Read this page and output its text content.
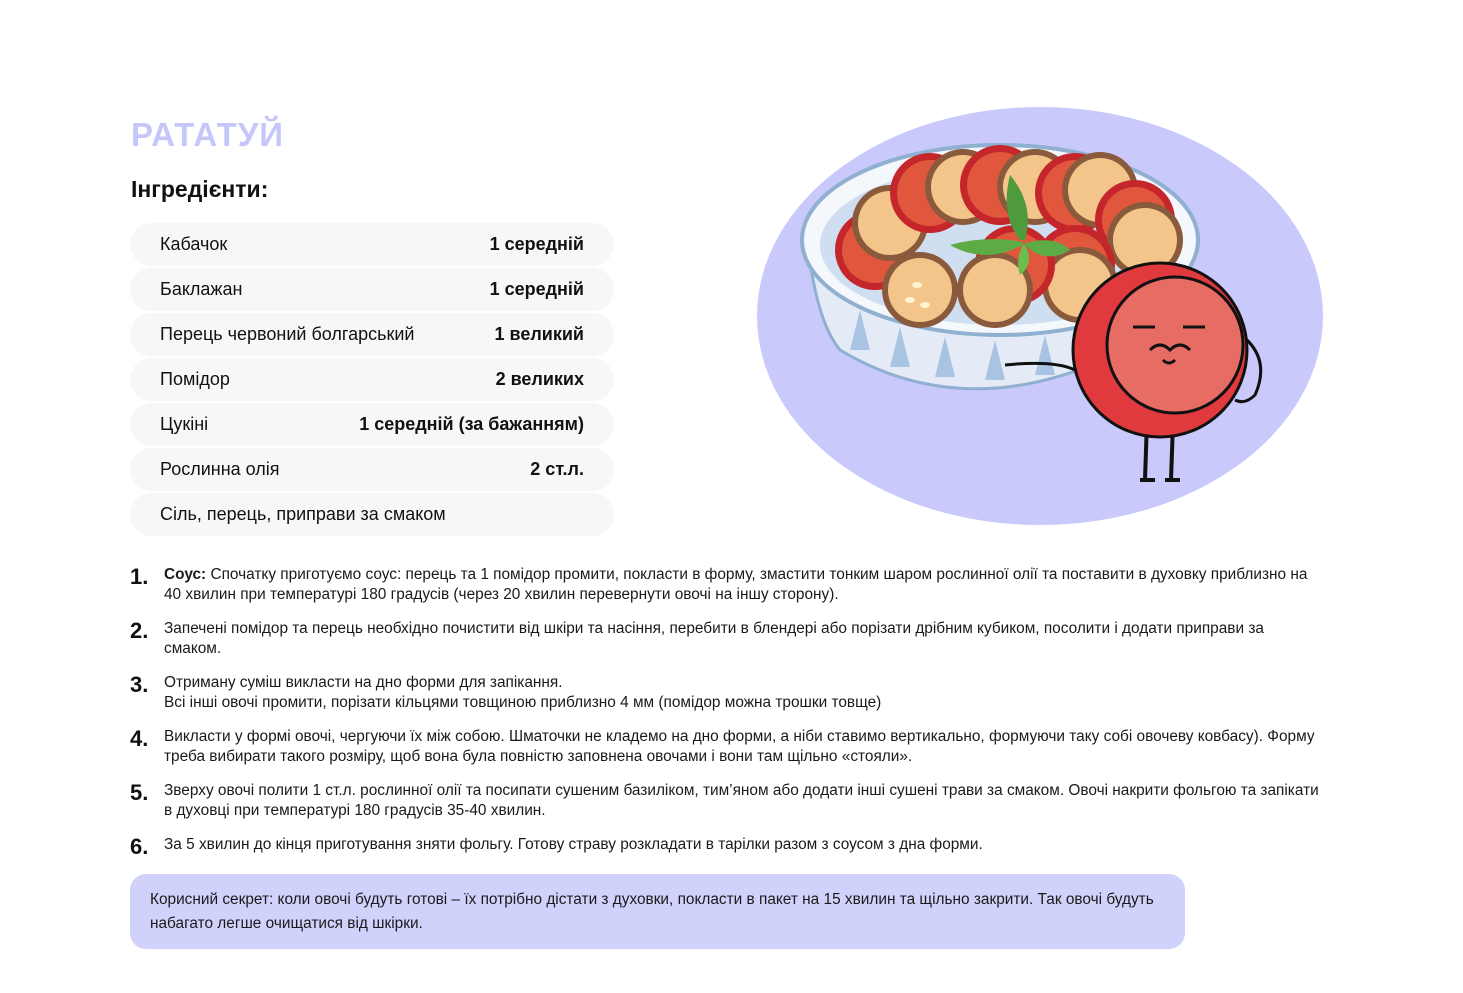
РАТАТУЙ
Інгредієнти:
Кабачок	1 середній
Баклажан	1 середній
Перець червоний болгарський	1 великий
Помідор	2 великих
Цукіні	1 середній (за бажанням)
Рослинна олія	2 ст.л.
Сіль, перець, приправи за смаком
1.	Соус: Спочатку приготуємо соус: перець та 1 помідор промити, покласти в форму, змастити тонким шаром рослинної олії та поставити в духовку приблизно на 40 хвилин при температурі 180 градусів (через 20 хвилин перевернути овочі на іншу сторону).
2.	Запечені помідор та перець необхідно почистити від шкіри та насіння, перебити в блендері або порізати дрібним кубиком, посолити і додати приправи за смаком.
3.	Отриману суміш викласти на дно форми для запікання.
Всі інші овочі промити, порізати кільцями товщиною приблизно 4 мм (помідор можна трошки товще)
4.	Викласти у формі овочі, чергуючи їх між собою. Шматочки не кладемо на дно форми, а ніби ставимо вертикально, формуючи таку собі овочеву ковбасу). Форму треба вибирати такого розміру, щоб вона була повністю заповнена овочами і вони там щільно «стояли».
5.	Зверху овочі полити 1 ст.л. рослинної олії та посипати сушеним базиліком, тим’яном або додати інші сушені трави за смаком. Овочі накрити фольгою та запікати в духовці при температурі 180 градусів 35-40 хвилин.
6.	За 5 хвилин до кінця приготування зняти фольгу. Готову страву розкладати в тарілки разом з соусом з дна форми.
Корисний секрет: коли овочі будуть готові – їх потрібно дістати з духовки, покласти в пакет на 15 хвилин та щільно закрити. Так овочі будуть набагато легше очищатися від шкірки.
